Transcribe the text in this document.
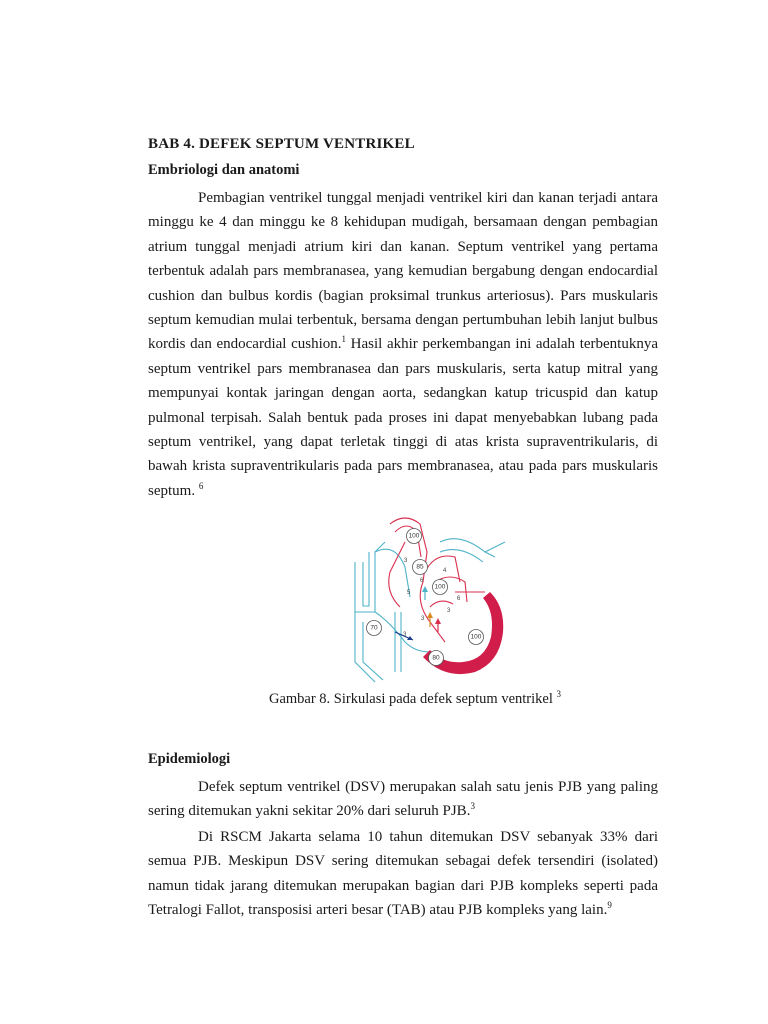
BAB 4. DEFEK SEPTUM VENTRIKEL
Embriologi dan anatomi
Pembagian ventrikel tunggal menjadi ventrikel kiri dan kanan terjadi antara minggu ke 4 dan minggu ke 8 kehidupan mudigah, bersamaan dengan pembagian atrium tunggal menjadi atrium kiri dan kanan. Septum ventrikel yang pertama terbentuk adalah pars membranasea, yang kemudian bergabung dengan endocardial cushion dan bulbus kordis (bagian proksimal trunkus arteriosus). Pars muskularis septum kemudian mulai terbentuk, bersama dengan pertumbuhan lebih lanjut bulbus kordis dan endocardial cushion.$^1$ Hasil akhir perkembangan ini adalah terbentuknya septum ventrikel pars membranasea dan pars muskularis, serta katup mitral yang mempunyai kontak jaringan dengan aorta, sedangkan katup tricuspid dan katup pulmonal terpisah. Salah bentuk pada proses ini dapat menyebabkan lubang pada septum ventrikel, yang dapat terletak tinggi di atas krista supraventrikularis, di bawah krista supraventrikularis pada pars membranasea, atau pada pars muskularis septum. $^6$
100
85
100
70
100
80
3
6
5
4
6
3
3
3
Gambar 8. Sirkulasi pada defek septum ventrikel $^3$
Epidemiologi
Defek septum ventrikel (DSV) merupakan salah satu jenis PJB yang paling sering ditemukan yakni sekitar 20% dari seluruh PJB.$^3$
Di RSCM Jakarta selama 10 tahun ditemukan DSV sebanyak 33% dari semua PJB. Meskipun DSV sering ditemukan sebagai defek tersendiri (isolated) namun tidak jarang ditemukan merupakan bagian dari PJB kompleks seperti pada Tetralogi Fallot, transposisi arteri besar (TAB) atau PJB kompleks yang lain.$^9$
